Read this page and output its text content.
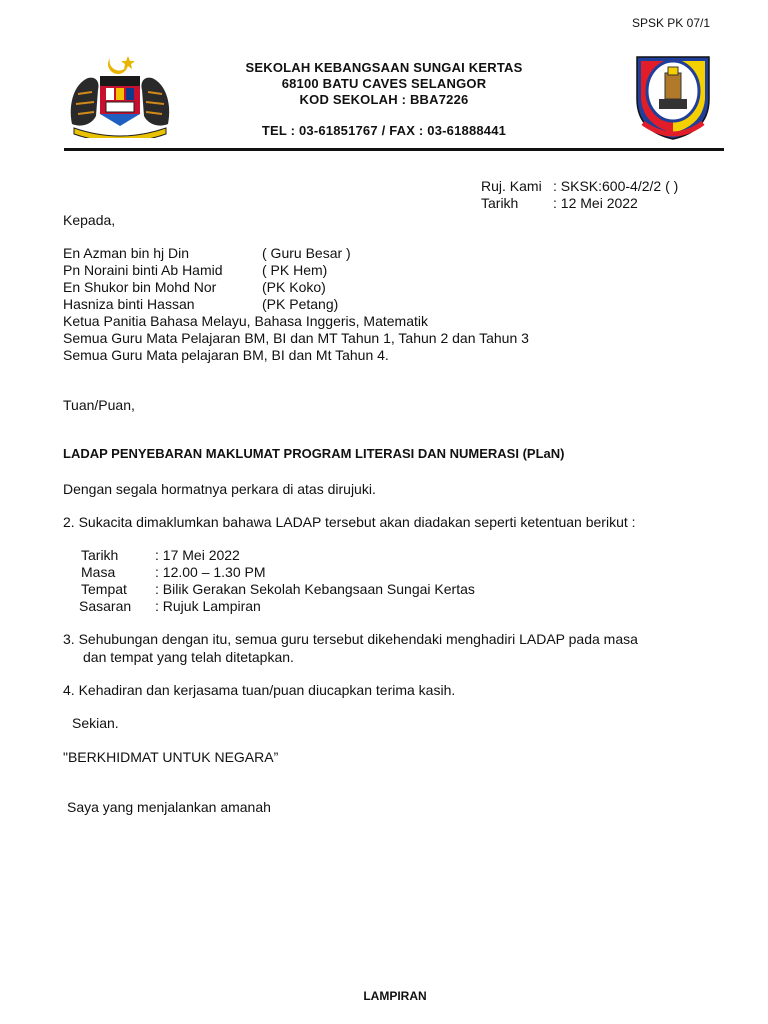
SPSK PK 07/1
SEKOLAH KEBANGSAAN SUNGAI KERTAS
68100 BATU CAVES SELANGOR
KOD SEKOLAH : BBA7226
TEL : 03-61851767 / FAX : 03-61888441
Ruj. Kami : SKSK:600-4/2/2 ( )
Tarikh : 12 Mei 2022
Kepada,
En Azman bin hj Din	( Guru Besar )
Pn Noraini binti Ab Hamid	( PK Hem)
En Shukor bin Mohd Nor	(PK Koko)
Hasniza binti Hassan	(PK Petang)
Ketua Panitia Bahasa Melayu, Bahasa Inggeris, Matematik
Semua Guru Mata Pelajaran BM, BI dan MT Tahun 1, Tahun 2 dan Tahun 3
Semua Guru Mata pelajaran BM, BI dan Mt Tahun 4.
Tuan/Puan,
LADAP PENYEBARAN MAKLUMAT PROGRAM LITERASI DAN NUMERASI (PLaN)
Dengan segala hormatnya perkara di atas dirujuki.
2. Sukacita dimaklumkan bahawa LADAP tersebut akan diadakan seperti ketentuan berikut :
Tarikh	: 17 Mei 2022
Masa	: 12.00 – 1.30 PM
Tempat : Bilik Gerakan Sekolah Kebangsaan Sungai Kertas
Sasaran : Rujuk Lampiran
3. Sehubungan dengan itu, semua guru tersebut dikehendaki menghadiri LADAP pada masa
dan tempat yang telah ditetapkan.
4. Kehadiran dan kerjasama tuan/puan diucapkan terima kasih.
Sekian.
"BERKHIDMAT UNTUK NEGARA”
Saya yang menjalankan amanah
LAMPIRAN
